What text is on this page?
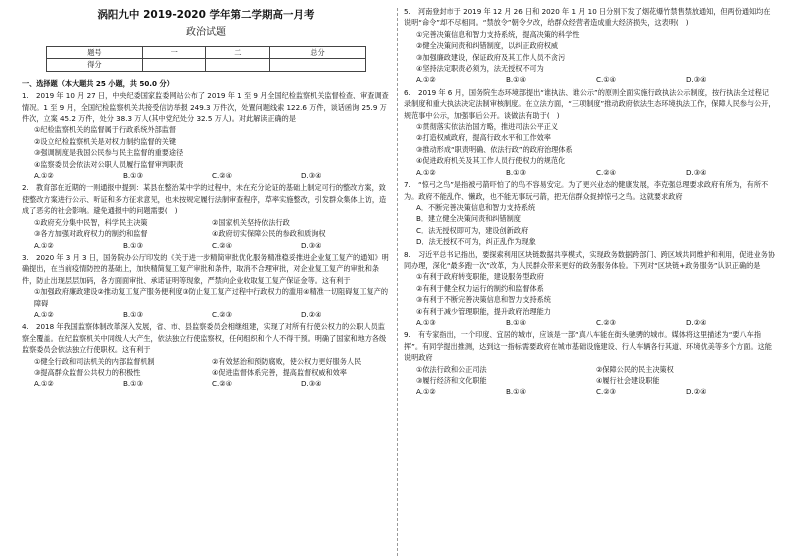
涡阳九中 2019-2020 学年第二学期高一月考
政治试题
题号	一	二	总分
得分			
一、选择题（本大题共 25 小题，共 50.0 分）

1.　2019 年 10 月 27 日，中央纪委国家监委网站公布了 2019 年 1 至 9 月全国纪检监察机关监督检查、审查调查情况。1 至 9 月，全国纪检监察机关共接受信访举报 249.3 万件次，处置问题线索 122.6 万件，谈话函询 25.9 万件次，立案 45.2 万件，处分 38.3 万人(其中党纪处分 32.5 万人)。对此解读正确的是

①纪检监察机关的监督属于行政系统外部监督

②设立纪检监察机关是对权力制约监督的关键

③强调制度是我国公民参与民主监督的重要途径

④监察委员会依法对公职人员履行监督审判职责

A.①②	B.①③	C.②④	D.③④

2.　教育部在近期的一则通报中提到：某县在整治某中学的过程中，未在充分论证的基础上制定可行的整改方案，致使整改方案进行公示、听证和多方征求意见，也未按规定履行法制审查程序，草率实施整改，引发群众集体上访，造成了恶劣的社会影响。避免通报中的问题需要(　)

①政府充分集中民智，科学民主决策	②国家机关坚持依法行政
③各方加强对政府权力的制约和监督	④政府切实保障公民的参政和质询权
A.①②	B.①③	C.②④	D.③④

3.　2020 年 3 月 3 日，国务院办公厅印发的《关于进一步精简审批优化服务精准稳妥推进企业复工复产的通知》明确提出，在当前疫情防控的基础上，加快精简复工复产审批和条件，取消不合理审批，对企业复工复产的审批和条件，防止出现层层加码，各方面面审批、承诺证明等现象，严禁向企业收取复工复产保证金等。这有利于

①加强政府廉政建设②推动复工复产服务便利度③防止复工复产过程中行政权力的滥用④精准一切阻碍复工复产的障碍

A.①②	B.①③	C.②③	D.②④

4.　2018 年我国监察体制改革深入发展，省、市、县监察委员会相继组建，实现了对所有行使公权力的公职人员监察全覆盖。在纪监察机关中同级人大产生，依法独立行使监察权，任何组织和个人不得干预。明确了国家和地方各级监察委员会依法独立行使职权。这有利于

①健全行政和司法机关的内部监督机制	②有效惩治和预防腐败，使公权力更好服务人民
③提高群众监督公共权力的积极性	④促进监督体系完善，提高监督权威和效率
A.①②	B.①③	C.②④	D.③④

5.　河南登封市于 2019 年 12 月 26 日和 2020 年 1 月 10 日分别下发了烟花爆竹禁售禁放通知，但两份通知均在说明“命令”却不尽相同。“禁放令”朝令夕改，给群众经营者造成重大经济损失，这表明(　)

①完善决策信息和智力支持系统，提高决策的科学性

②健全决策问责和纠错制度，以纠正政府权威

③加强廉政建设，保证政府及其工作人员不贪污

④坚持法定职责必须为，法无授权不可为

A.①②	B.①④	C.①④	D.③④

6.　2019 年 6 月，国务院生态环境部提出“谁执法、谁公示”的原则全面实施行政执法公示制度，按行执法全过程记录制度和重大执法决定法制审核制度。在立法方面，“三项制度”推动政府依法生态环境执法工作，保障人民参与公开，规范事中公示，加强事后公开。谈做法有助于(　)

①贯彻落实依法治国方略，推进司法公平正义

②打造权威政府，提高行政水平和工作效率

③推动形成“职责明确、依法行政”的政府治理体系

④促进政府机关及其工作人员行使权力的规范化

A.①②	B.①③	C.②④	D.③④

7.　“惊弓之鸟”是指被弓箭吓怕了的鸟不容易安定。为了更兴业态的健康发展，李克强总理要求政府有所为，有所不为。政府不能乱作、懒政，也不能无事玩弓箭，把无信群众捉掉惊弓之鸟。这就要求政府

A．不断完善决策信息和智力支持系统

B．建立健全决策问责和纠错制度

C．法无授权即可为，建设创新政府

D．法无授权不可为，纠正乱作为现象

8.　习近平总书记指出，要探索利用区块链数据共享模式，实现政务数据跨部门、跨区域共同维护和利用，促进业务协同办理，深化“最多跑一次”改革，为人民群众带来更好的政务服务体验。下列对“区块链+政务服务”认识正确的是

①有利于政府转变职能，建设服务型政府

②有利于健全权力运行的制约和监督体系

③有利于不断完善决策信息和智力支持系统

④有利于减少管理职能，提升政府治理能力

A.①③	B.①④	C.②③	D.②④

9.　有专家指出，一个印度、宜居的城市，应该是一部“真八车能在街头驰骋的城市。媒体将这里描述为“要八车指挥”。有同学提出推测，达到这一指标需要政府在城市基础设施建设、行人车辆各行其道、环境优美等多个方面。这能说明政府

①依法行政和公正司法	②保障公民的民主决策权
③履行经济和文化职能	④履行社会建设职能
A.①②	B.①④	C.②③	D.②④
